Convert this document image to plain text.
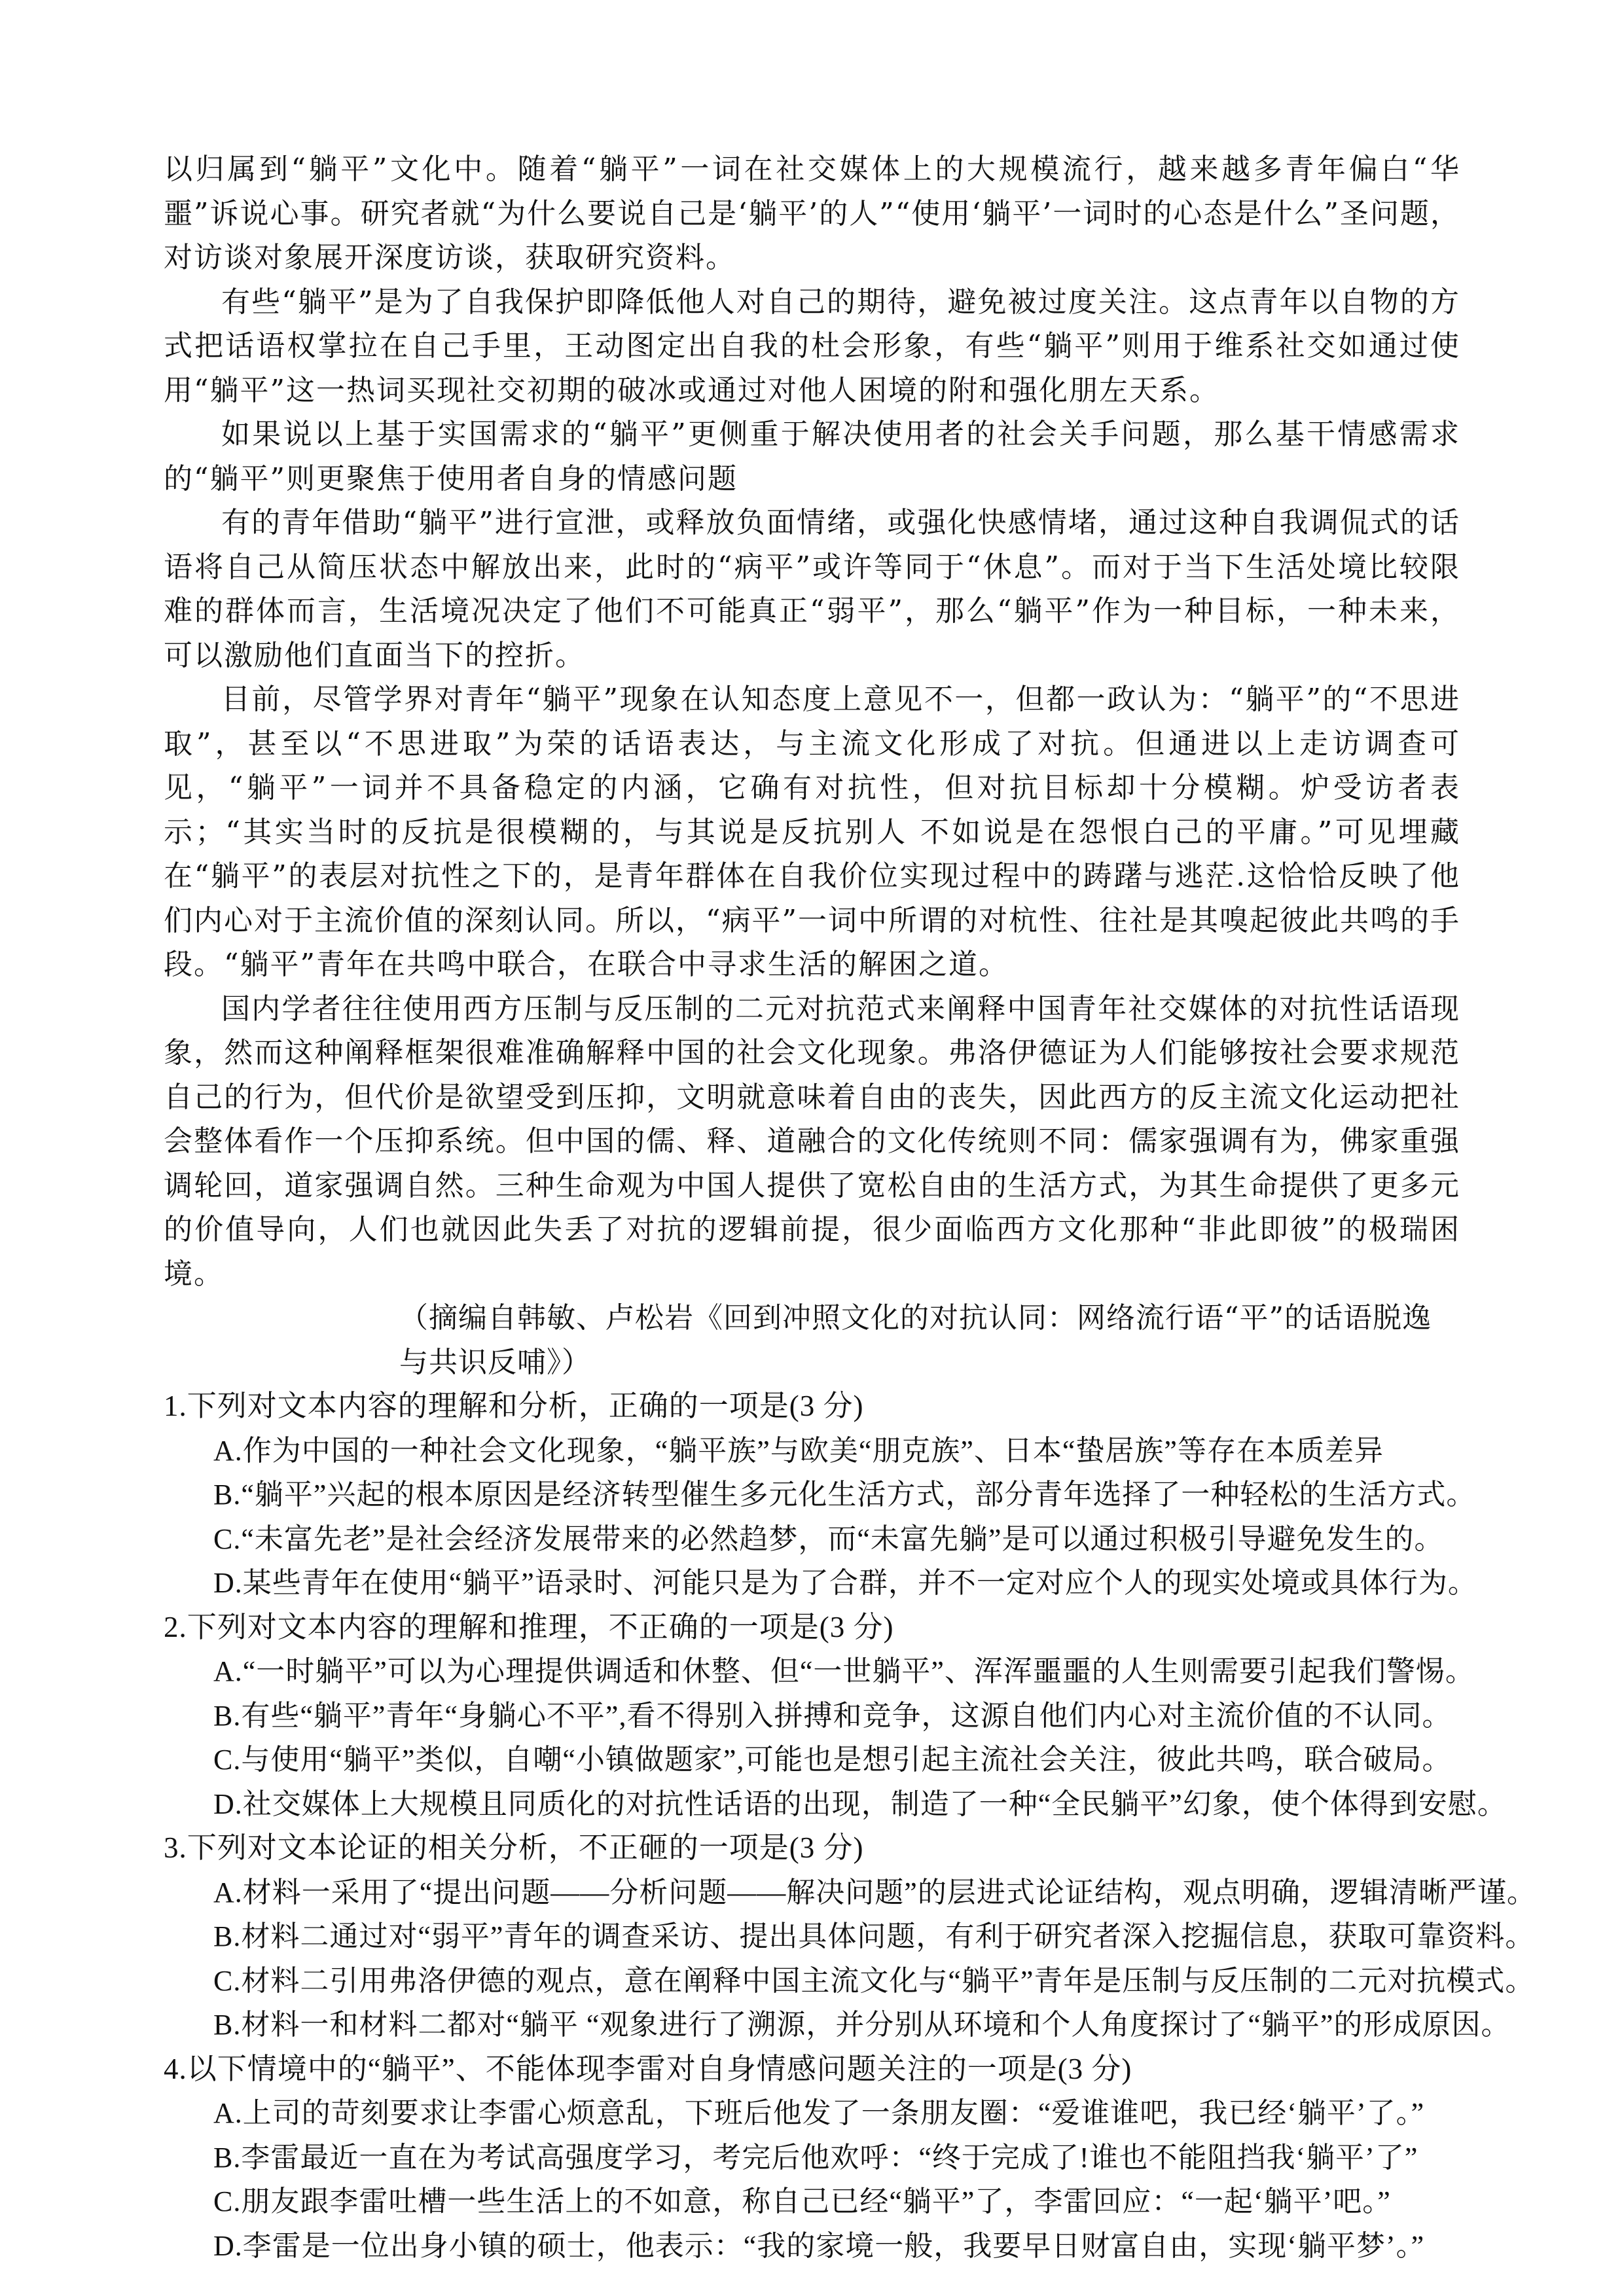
以归属到“躺平”文化中。随着“躺平”一词在社交媒体上的大规模流行，越来越多青年偏白“华噩”诉说心事。研究者就“为什么要说自己是‘躺平’的人”“使用‘躺平’一词时的心态是什么”圣问题，对访谈对象展开深度访谈，获取研究资料。

有些“躺平”是为了自我保护即降低他人对自己的期待，避免被过度关注。这点青年以自物的方式把话语权掌拉在自己手里，王动图定出自我的杜会形象，有些“躺平”则用于维系社交如通过使用“躺平”这一热词买现社交初期的破冰或通过对他人困境的附和强化朋左天系。

如果说以上基于实国需求的“躺平”更侧重于解决使用者的社会关手问题，那么基干情感需求的“躺平”则更聚焦于使用者自身的情感问题

有的青年借助“躺平”进行宣泄，或释放负面情绪，或强化快感情堵，通过这种自我调侃式的话语将自己从简压状态中解放出来，此时的“病平”或许等同于“休息”。而对于当下生活处境比较限难的群体而言，生活境况决定了他们不可能真正“弱平”，那么“躺平”作为一种目标，一种未来，可以激励他们直面当下的控折。

目前，尽管学界对青年“躺平”现象在认知态度上意见不一，但都一政认为：“躺平”的“不思进取”，甚至以“不思进取”为荣的话语表达，与主流文化形成了对抗。但通进以上走访调查可见，“躺平”一词并不具备稳定的内涵，它确有对抗性，但对抗目标却十分模糊。炉受访者表示；“其实当时的反抗是很模糊的，与其说是反抗别人 不如说是在怨恨白己的平庸。”可见埋藏在“躺平”的表层对抗性之下的，是青年群体在自我价位实现过程中的踌躇与逃茫.这恰恰反映了他们内心对于主流价值的深刻认同。所以，“病平”一词中所谓的对杭性、往社是其嗅起彼此共鸣的手段。“躺平”青年在共鸣中联合，在联合中寻求生活的解困之道。

国内学者往往使用西方压制与反压制的二元对抗范式来阐释中国青年社交媒体的对抗性话语现象，然而这种阐释框架很难准确解释中国的社会文化现象。弗洛伊德证为人们能够按社会要求规范自己的行为，但代价是欲望受到压抑，文明就意味着自由的丧失，因此西方的反主流文化运动把社会整体看作一个压抑系统。但中国的儒、释、道融合的文化传统则不同：儒家强调有为，佛家重强调轮回，道家强调自然。三种生命观为中国人提供了宽松自由的生活方式，为其生命提供了更多元的价值导向，人们也就因此失丢了对抗的逻辑前提，很少面临西方文化那种“非此即彼”的极瑞困境。

（摘编自韩敏、卢松岩《回到冲照文化的对抗认同：网络流行语“平”的话语脱逸与共识反哺》）

1.下列对文本内容的理解和分析，正确的一项是(3 分)

A.作为中国的一种社会文化现象，“躺平族”与欧美“朋克族”、日本“蛰居族”等存在本质差异

B.“躺平”兴起的根本原因是经济转型催生多元化生活方式，部分青年选择了一种轻松的生活方式。

C.“未富先老”是社会经济发展带来的必然趋梦，而“未富先躺”是可以通过积极引导避免发生的。

D.某些青年在使用“躺平”语录时、河能只是为了合群，并不一定对应个人的现实处境或具体行为。

2.下列对文本内容的理解和推理，不正确的一项是(3 分)

A.“一时躺平”可以为心理提供调适和休整、但“一世躺平”、浑浑噩噩的人生则需要引起我们警惕。

B.有些“躺平”青年“身躺心不平”,看不得别入拼搏和竞争，这源自他们内心对主流价值的不认同。

C.与使用“躺平”类似，自嘲“小镇做题家”,可能也是想引起主流社会关注，彼此共鸣，联合破局。

D.社交媒体上大规模且同质化的对抗性话语的出现，制造了一种“全民躺平”幻象，使个体得到安慰。

3.下列对文本论证的相关分析，不正砸的一项是(3 分)

A.材料一采用了“提出问题——分析问题——解决问题”的层进式论证结构，观点明确，逻辑清晰严谨。

B.材料二通过对“弱平”青年的调查采访、提出具体问题，有利于研究者深入挖掘信息，获取可靠资料。

C.材料二引用弗洛伊德的观点，意在阐释中国主流文化与“躺平”青年是压制与反压制的二元对抗模式。

B.材料一和材料二都对“躺平 “观象进行了溯源，并分别从环境和个人角度探讨了“躺平”的形成原因。

4.以下情境中的“躺平”、不能体现李雷对自身情感问题关注的一项是(3 分)

A.上司的苛刻要求让李雷心烦意乱，下班后他发了一条朋友圈：“爱谁谁吧，我已经‘躺平’了。”

B.李雷最近一直在为考试高强度学习，考完后他欢呼：“终于完成了!谁也不能阻挡我‘躺平’了”

C.朋友跟李雷吐槽一些生活上的不如意，称自己已经“躺平”了，李雷回应：“一起‘躺平’吧。”

D.李雷是一位出身小镇的硕士，他表示：“我的家境一般，我要早日财富自由，实现‘躺平梦’。”
